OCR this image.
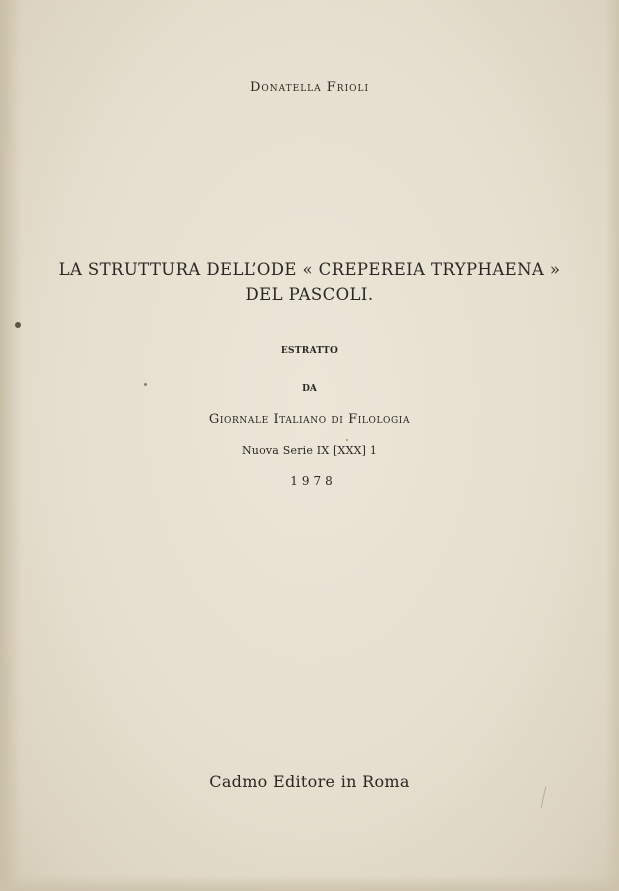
Donatella Frioli

LA STRUTTURA DELL’ODE « CREPEREIA TRYPHAENA »

DEL PASCOLI.

ESTRATTO

DA

Giornale Italiano di Filologia

Nuova Serie IX [XXX] 1

1978

Cadmo Editore in Roma
